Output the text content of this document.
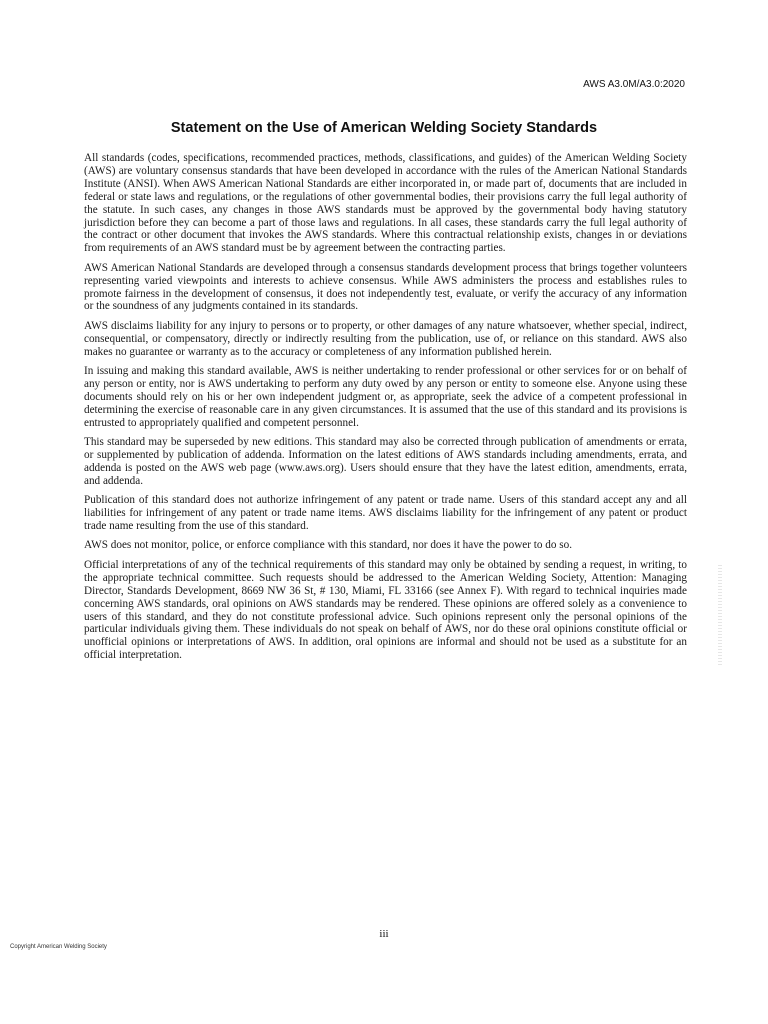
AWS A3.0M/A3.0:2020
Statement on the Use of American Welding Society Standards

All standards (codes, specifications, recommended practices, methods, classifications, and guides) of the American Welding Society (AWS) are voluntary consensus standards that have been developed in accordance with the rules of the American National Standards Institute (ANSI). When AWS American National Standards are either incorporated in, or made part of, documents that are included in federal or state laws and regulations, or the regulations of other governmental bodies, their provisions carry the full legal authority of the statute. In such cases, any changes in those AWS standards must be approved by the governmental body having statutory jurisdiction before they can become a part of those laws and regulations. In all cases, these standards carry the full legal authority of the contract or other document that invokes the AWS standards. Where this contractual relationship exists, changes in or deviations from requirements of an AWS standard must be by agreement between the contracting parties.

AWS American National Standards are developed through a consensus standards development process that brings together volunteers representing varied viewpoints and interests to achieve consensus. While AWS administers the process and establishes rules to promote fairness in the development of consensus, it does not independently test, evaluate, or verify the accuracy of any information or the soundness of any judgments contained in its standards.

AWS disclaims liability for any injury to persons or to property, or other damages of any nature whatsoever, whether special, indirect, consequential, or compensatory, directly or indirectly resulting from the publication, use of, or reliance on this standard. AWS also makes no guarantee or warranty as to the accuracy or completeness of any information published herein.

In issuing and making this standard available, AWS is neither undertaking to render professional or other services for or on behalf of any person or entity, nor is AWS undertaking to perform any duty owed by any person or entity to someone else. Anyone using these documents should rely on his or her own independent judgment or, as appropriate, seek the advice of a competent professional in determining the exercise of reasonable care in any given circumstances. It is assumed that the use of this standard and its provisions is entrusted to appropriately qualified and competent personnel.

This standard may be superseded by new editions. This standard may also be corrected through publication of amendments or errata, or supplemented by publication of addenda. Information on the latest editions of AWS standards including amendments, errata, and addenda is posted on the AWS web page (www.aws.org). Users should ensure that they have the latest edition, amendments, errata, and addenda.

Publication of this standard does not authorize infringement of any patent or trade name. Users of this standard accept any and all liabilities for infringement of any patent or trade name items. AWS disclaims liability for the infringement of any patent or product trade name resulting from the use of this standard.

AWS does not monitor, police, or enforce compliance with this standard, nor does it have the power to do so.

Official interpretations of any of the technical requirements of this standard may only be obtained by sending a request, in writing, to the appropriate technical committee. Such requests should be addressed to the American Welding Society, Attention: Managing Director, Standards Development, 8669 NW 36 St, # 130, Miami, FL 33166 (see Annex F). With regard to technical inquiries made concerning AWS standards, oral opinions on AWS standards may be rendered. These opinions are offered solely as a convenience to users of this standard, and they do not constitute professional advice. Such opinions represent only the personal opinions of the particular individuals giving them. These individuals do not speak on behalf of AWS, nor do these oral opinions constitute official or unofficial opinions or interpretations of AWS. In addition, oral opinions are informal and should not be used as a substitute for an official interpretation.

iii
Copyright American Welding Society
